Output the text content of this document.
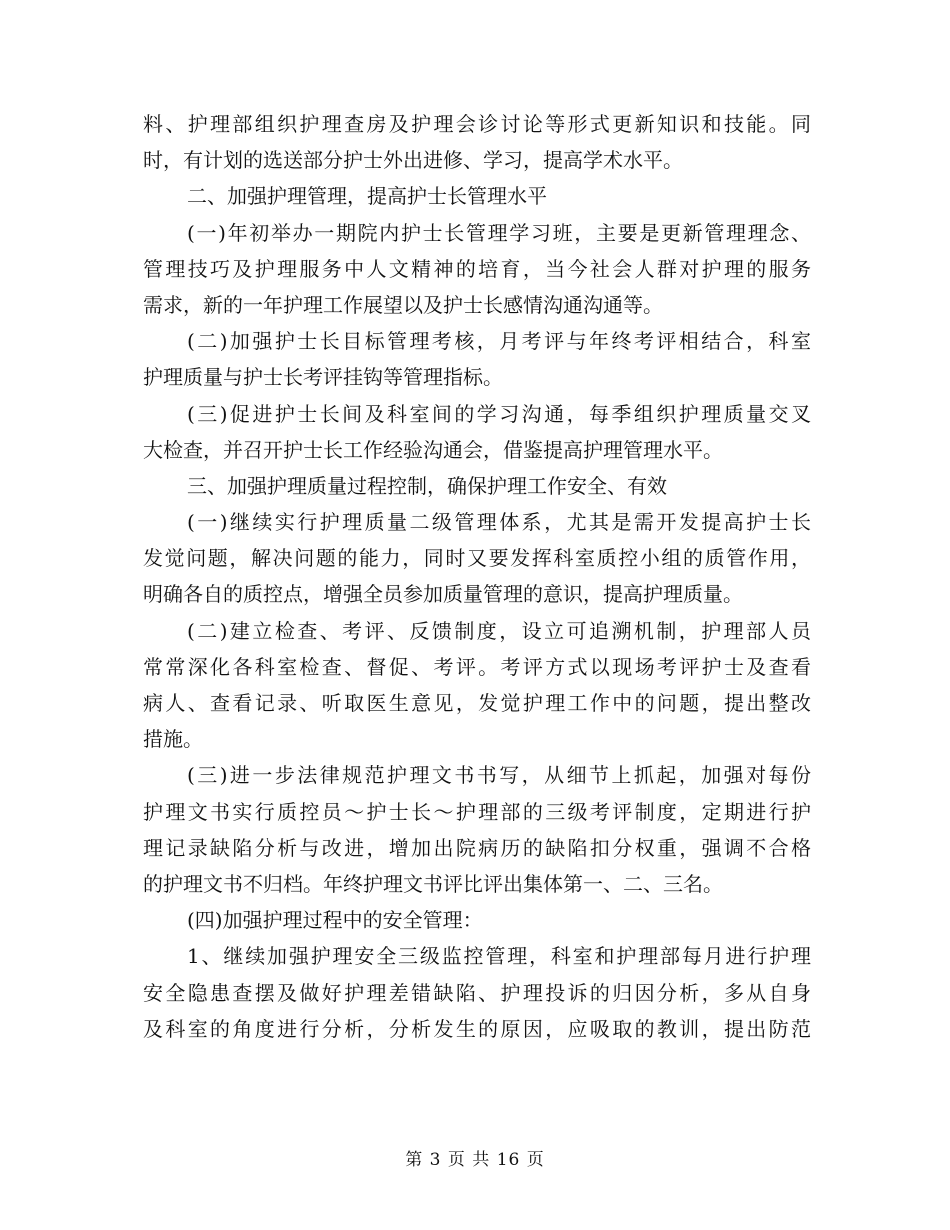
料、护理部组织护理查房及护理会诊讨论等形式更新知识和技能。同
时，有计划的选送部分护士外出进修、学习，提高学术水平。
二、加强护理管理，提高护士长管理水平
(一)年初举办一期院内护士长管理学习班，主要是更新管理理念、
管理技巧及护理服务中人文精神的培育，当今社会人群对护理的服务
需求，新的一年护理工作展望以及护士长感情沟通沟通等。
(二)加强护士长目标管理考核，月考评与年终考评相结合，科室
护理质量与护士长考评挂钩等管理指标。
(三)促进护士长间及科室间的学习沟通，每季组织护理质量交叉
大检查，并召开护士长工作经验沟通会，借鉴提高护理管理水平。
三、加强护理质量过程控制，确保护理工作安全、有效
(一)继续实行护理质量二级管理体系，尤其是需开发提高护士长
发觉问题，解决问题的能力，同时又要发挥科室质控小组的质管作用，
明确各自的质控点，增强全员参加质量管理的意识，提高护理质量。
(二)建立检查、考评、反馈制度，设立可追溯机制，护理部人员
常常深化各科室检查、督促、考评。考评方式以现场考评护士及查看
病人、查看记录、听取医生意见，发觉护理工作中的问题，提出整改
措施。
(三)进一步法律规范护理文书书写，从细节上抓起，加强对每份
护理文书实行质控员～护士长～护理部的三级考评制度，定期进行护
理记录缺陷分析与改进，增加出院病历的缺陷扣分权重，强调不合格
的护理文书不归档。年终护理文书评比评出集体第一、二、三名。
(四)加强护理过程中的安全管理：
1、继续加强护理安全三级监控管理，科室和护理部每月进行护理
安全隐患查摆及做好护理差错缺陷、护理投诉的归因分析，多从自身
及科室的角度进行分析，分析发生的原因，应吸取的教训，提出防范
第 3 页 共 16 页
